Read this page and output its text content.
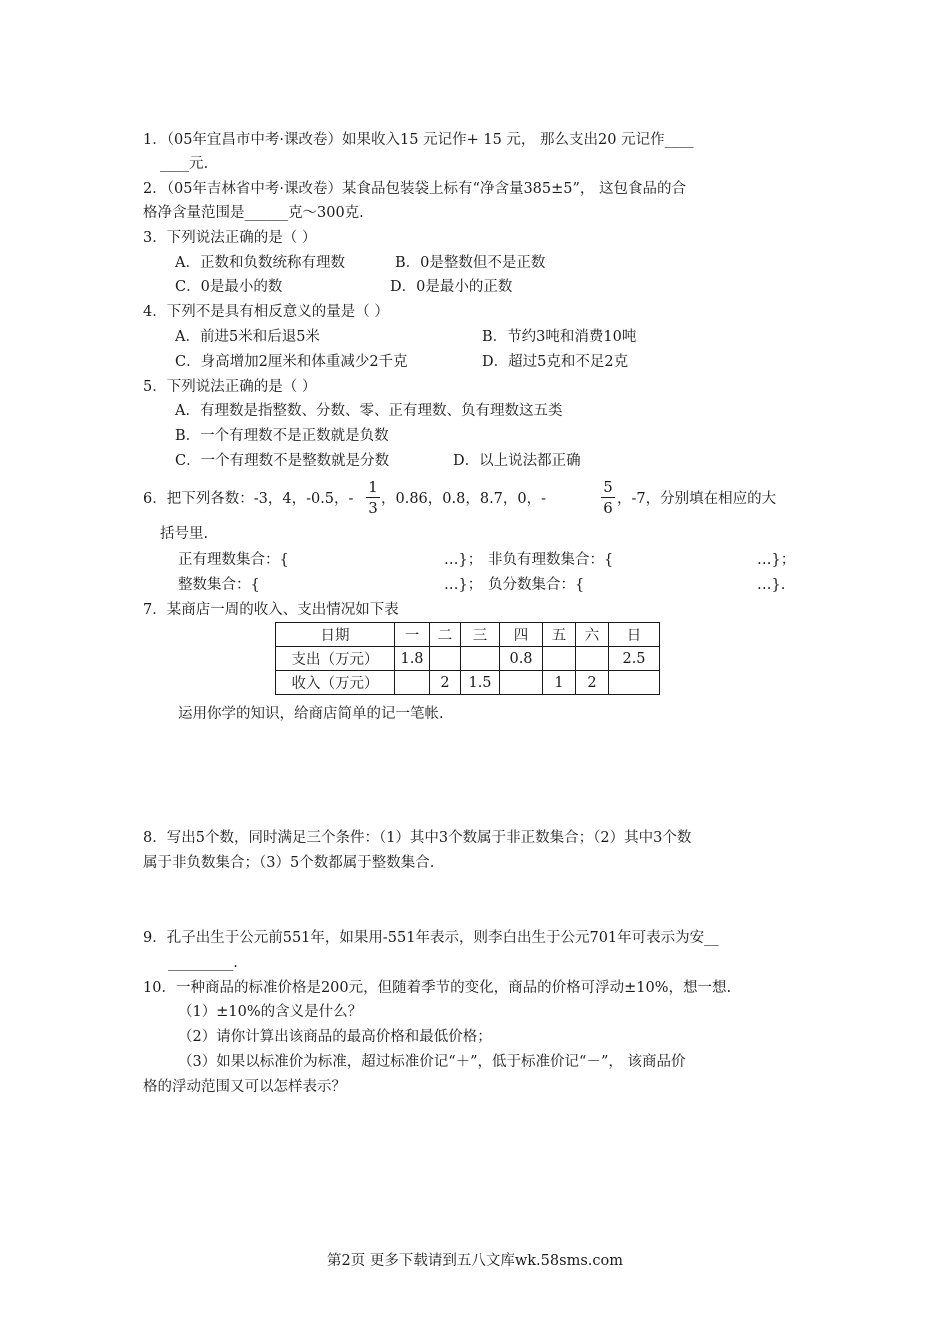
1．（05年宜昌市中考·课改卷）如果收入15 元记作+ 15 元， 那么支出20 元记作____
____元.
2．（05年吉林省中考·课改卷）某食品包装袋上标有“净含量385±5”， 这包食品的合
格净含量范围是______克～300克.
3．下列说法正确的是（ ）
A．正数和负数统称有理数	B．0是整数但不是正数
C．0是最小的数	D．0是最小的正数
4．下列不是具有相反意义的量是（ ）
A．前进5米和后退5米	B．节约3吨和消费10吨
C．身高增加2厘米和体重减少2千克	D．超过5克和不足2克
5．下列说法正确的是（ ）
A．有理数是指整数、分数、零、正有理数、负有理数这五类
B．一个有理数不是正数就是负数
C．一个有理数不是整数就是分数	D．以上说法都正确
6．把下列各数：-3，4，-0.5，- $\frac{1}{3}$ ，0.86，0.8，8.7，0，-	$\frac{5}{6}$ ，-7，分别填在相应的大
括号里.
正有理数集合：{	…}； 非负有理数集合：{	…}；
整数集合：{	…}； 负分数集合：{	…}.
7．某商店一周的收入、支出情况如下表
日期	一	二	三	四	五	六	日
支出（万元）	1.8			0.8			2.5
收入（万元）		2	1.5		1	2	
运用你学的知识，给商店简单的记一笔帐.
8．写出5个数，同时满足三个条件：（1）其中3个数属于非正数集合；（2）其中3个数
属于非负数集合；（3）5个数都属于整数集合.
9．孔子出生于公元前551年，如果用-551年表示，则李白出生于公元701年可表示为安__
_________.
10．一种商品的标准价格是200元，但随着季节的变化，商品的价格可浮动±10%，想一想.
（1）±10%的含义是什么？
（2）请你计算出该商品的最高价格和最低价格；
（3）如果以标准价为标准，超过标准价记“＋”，低于标准价记“－”， 该商品价
格的浮动范围又可以怎样表示？
第2页 更多下载请到五八文库wk.58sms.com
